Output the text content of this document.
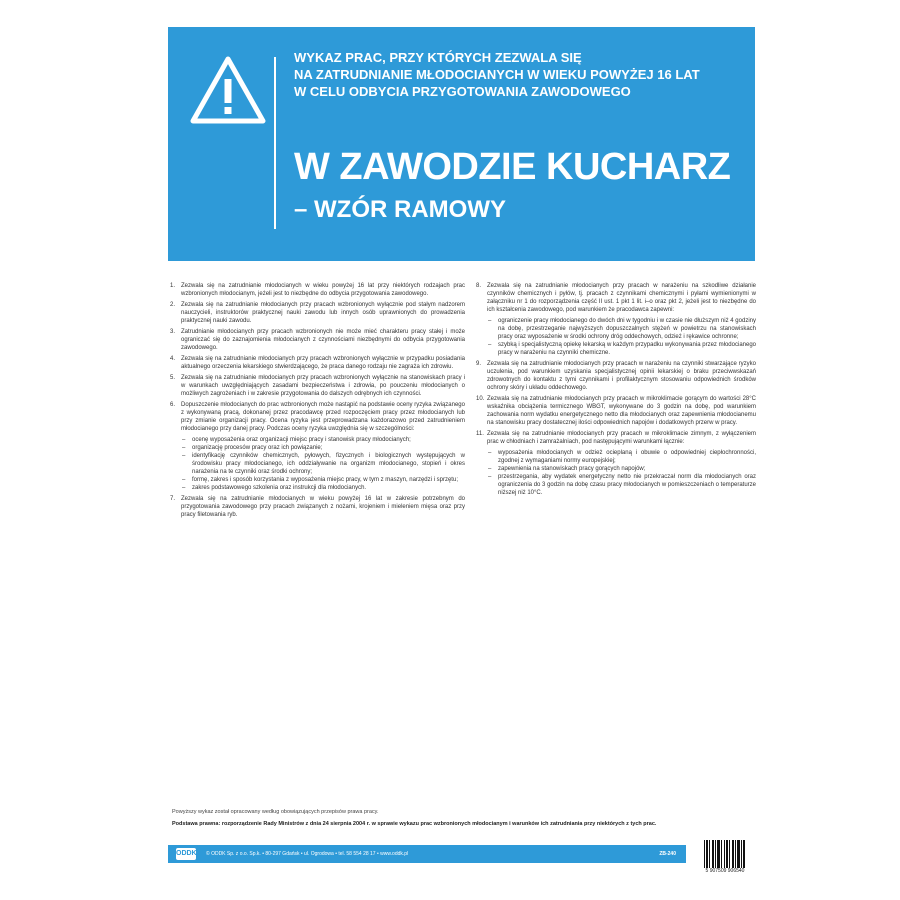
WYKAZ PRAC, PRZY KTÓRYCH ZEZWALA SIĘ
NA ZATRUDNIANIE MŁODOCIANYCH W WIEKU POWYŻEJ 16 LAT
W CELU ODBYCIA PRZYGOTOWANIA ZAWODOWEGO
W ZAWODZIE KUCHARZ
– WZÓR RAMOWY
1. Zezwala się na zatrudnianie młodocianych w wieku powyżej 16 lat przy niektórych rodzajach prac wzbronionych młodocianym, jeżeli jest to niezbędne do odbycia przygotowania zawodowego.
2. Zezwala się na zatrudnianie młodocianych przy pracach wzbronionych wyłącznie pod stałym nadzorem nauczycieli, instruktorów praktycznej nauki zawodu lub innych osób uprawnionych do prowadzenia praktycznej nauki zawodu.
3. Zatrudnianie młodocianych przy pracach wzbronionych nie może mieć charakteru pracy stałej i może ograniczać się do zaznajomienia młodocianych z czynnościami niezbędnymi do odbycia przygotowania zawodowego.
4. Zezwala się na zatrudnianie młodocianych przy pracach wzbronionych wyłącznie w przypadku posiadania aktualnego orzeczenia lekarskiego stwierdzającego, że praca danego rodzaju nie zagraża ich zdrowiu.
5. Zezwala się na zatrudnianie młodocianych przy pracach wzbronionych wyłącznie na stanowiskach pracy i w warunkach uwzględniających zasadami bezpieczeństwa i zdrowia, po pouczeniu młodocianych o możliwych zagrożeniach i w zakresie przygotowania do dalszych odrębnych ich czynności.
6. Dopuszczenie młodocianych do prac wzbronionych może nastąpić na podstawie oceny ryzyka związanego z wykonywaną pracą, dokonanej przez pracodawcę przed rozpoczęciem pracy przez młodocianych lub przy zmianie organizacji pracy. Ocena ryzyka jest przeprowadzana każdorazowo przed zatrudnieniem młodocianego przy danej pracy. Podczas oceny ryzyka uwzględnia się w szczególności:
–	ocenę wyposażenia oraz organizacji miejsc pracy i stanowisk pracy młodocianych;
–	organizację procesów pracy oraz ich powiązanie;
–	identyfikację czynników chemicznych, pyłowych, fizycznych i biologicznych występujących w środowisku pracy młodocianego, ich oddziaływanie na organizm młodocianego, stopień i okres narażenia na te czynniki oraz środki ochrony;
–	formę, zakres i sposób korzystania z wyposażenia miejsc pracy, w tym z maszyn, narzędzi i sprzętu;
–	zakres podstawowego szkolenia oraz instrukcji dla młodocianych.
7. Zezwala się na zatrudnianie młodocianych w wieku powyżej 16 lat w zakresie potrzebnym do przygotowania zawodowego przy pracach związanych z nożami, krojeniem i mieleniem mięsa oraz przy pracy filetowania ryb.
8. Zezwala się na zatrudnianie młodocianych przy pracach w narażeniu na szkodliwe działanie czynników chemicznych i pyłów, tj. pracach z czynnikami chemicznymi i pyłami wymienionymi w załączniku nr 1 do rozporządzenia część II ust. 1 pkt 1 lit. i–o oraz pkt 2, jeżeli jest to niezbędne do ich kształcenia zawodowego, pod warunkiem że pracodawca zapewni:
–	ograniczenie pracy młodocianego do dwóch dni w tygodniu i w czasie nie dłuższym niż 4 godziny na dobę, przestrzeganie najwyższych dopuszczalnych stężeń w powietrzu na stanowiskach pracy oraz wyposażenie w środki ochrony dróg oddechowych, odzież i rękawice ochronne;
–	szybką i specjalistyczną opiekę lekarską w każdym przypadku wykonywania przez młodocianego pracy w narażeniu na czynniki chemiczne.
9. Zezwala się na zatrudnianie młodocianych przy pracach w narażeniu na czynniki stwarzające ryzyko uczulenia, pod warunkiem uzyskania specjalistycznej opinii lekarskiej o braku przeciwwskazań zdrowotnych do kontaktu z tymi czynnikami i profilaktycznym stosowaniu odpowiednich środków ochrony skóry i układu oddechowego.
10. Zezwala się na zatrudnianie młodocianych przy pracach w mikroklimacie gorącym do wartości 28°C wskaźnika obciążenia termicznego WBGT, wykonywane do 3 godzin na dobę, pod warunkiem zachowania norm wydatku energetycznego netto dla młodocianych oraz zapewnienia młodocianemu na stanowisku pracy dostatecznej ilości odpowiednich napojów i dodatkowych przerw w pracy.
11. Zezwala się na zatrudnianie młodocianych przy pracach w mikroklimacie zimnym, z wyłączeniem prac w chłodniach i zamrażalniach, pod następującymi warunkami łącznie:
–	wyposażenia młodocianych w odzież ocieplaną i obuwie o odpowiedniej ciepłochronności, zgodnej z wymaganiami normy europejskiej;
–	zapewnienia na stanowiskach pracy gorących napojów;
–	przestrzegania, aby wydatek energetyczny netto nie przekraczał norm dla młodocianych oraz ograniczenia do 3 godzin na dobę czasu pracy młodocianych w pomieszczeniach o temperaturze niższej niż 10°C.
Powyższy wykaz został opracowany według obowiązujących przepisów prawa pracy.
Podstawa prawna: rozporządzenie Rady Ministrów z dnia 24 sierpnia 2004 r. w sprawie wykazu prac wzbronionych młodocianym i warunków ich zatrudniania przy niektórych z tych prac.
ODDK © ODDK Sp. z o.o. Sp.k. • 80-297 Gdańsk • ul. Ogrodowa • tel. 58 554 28 17 • www.oddk.pl	ZB-240
5 907509 906540
